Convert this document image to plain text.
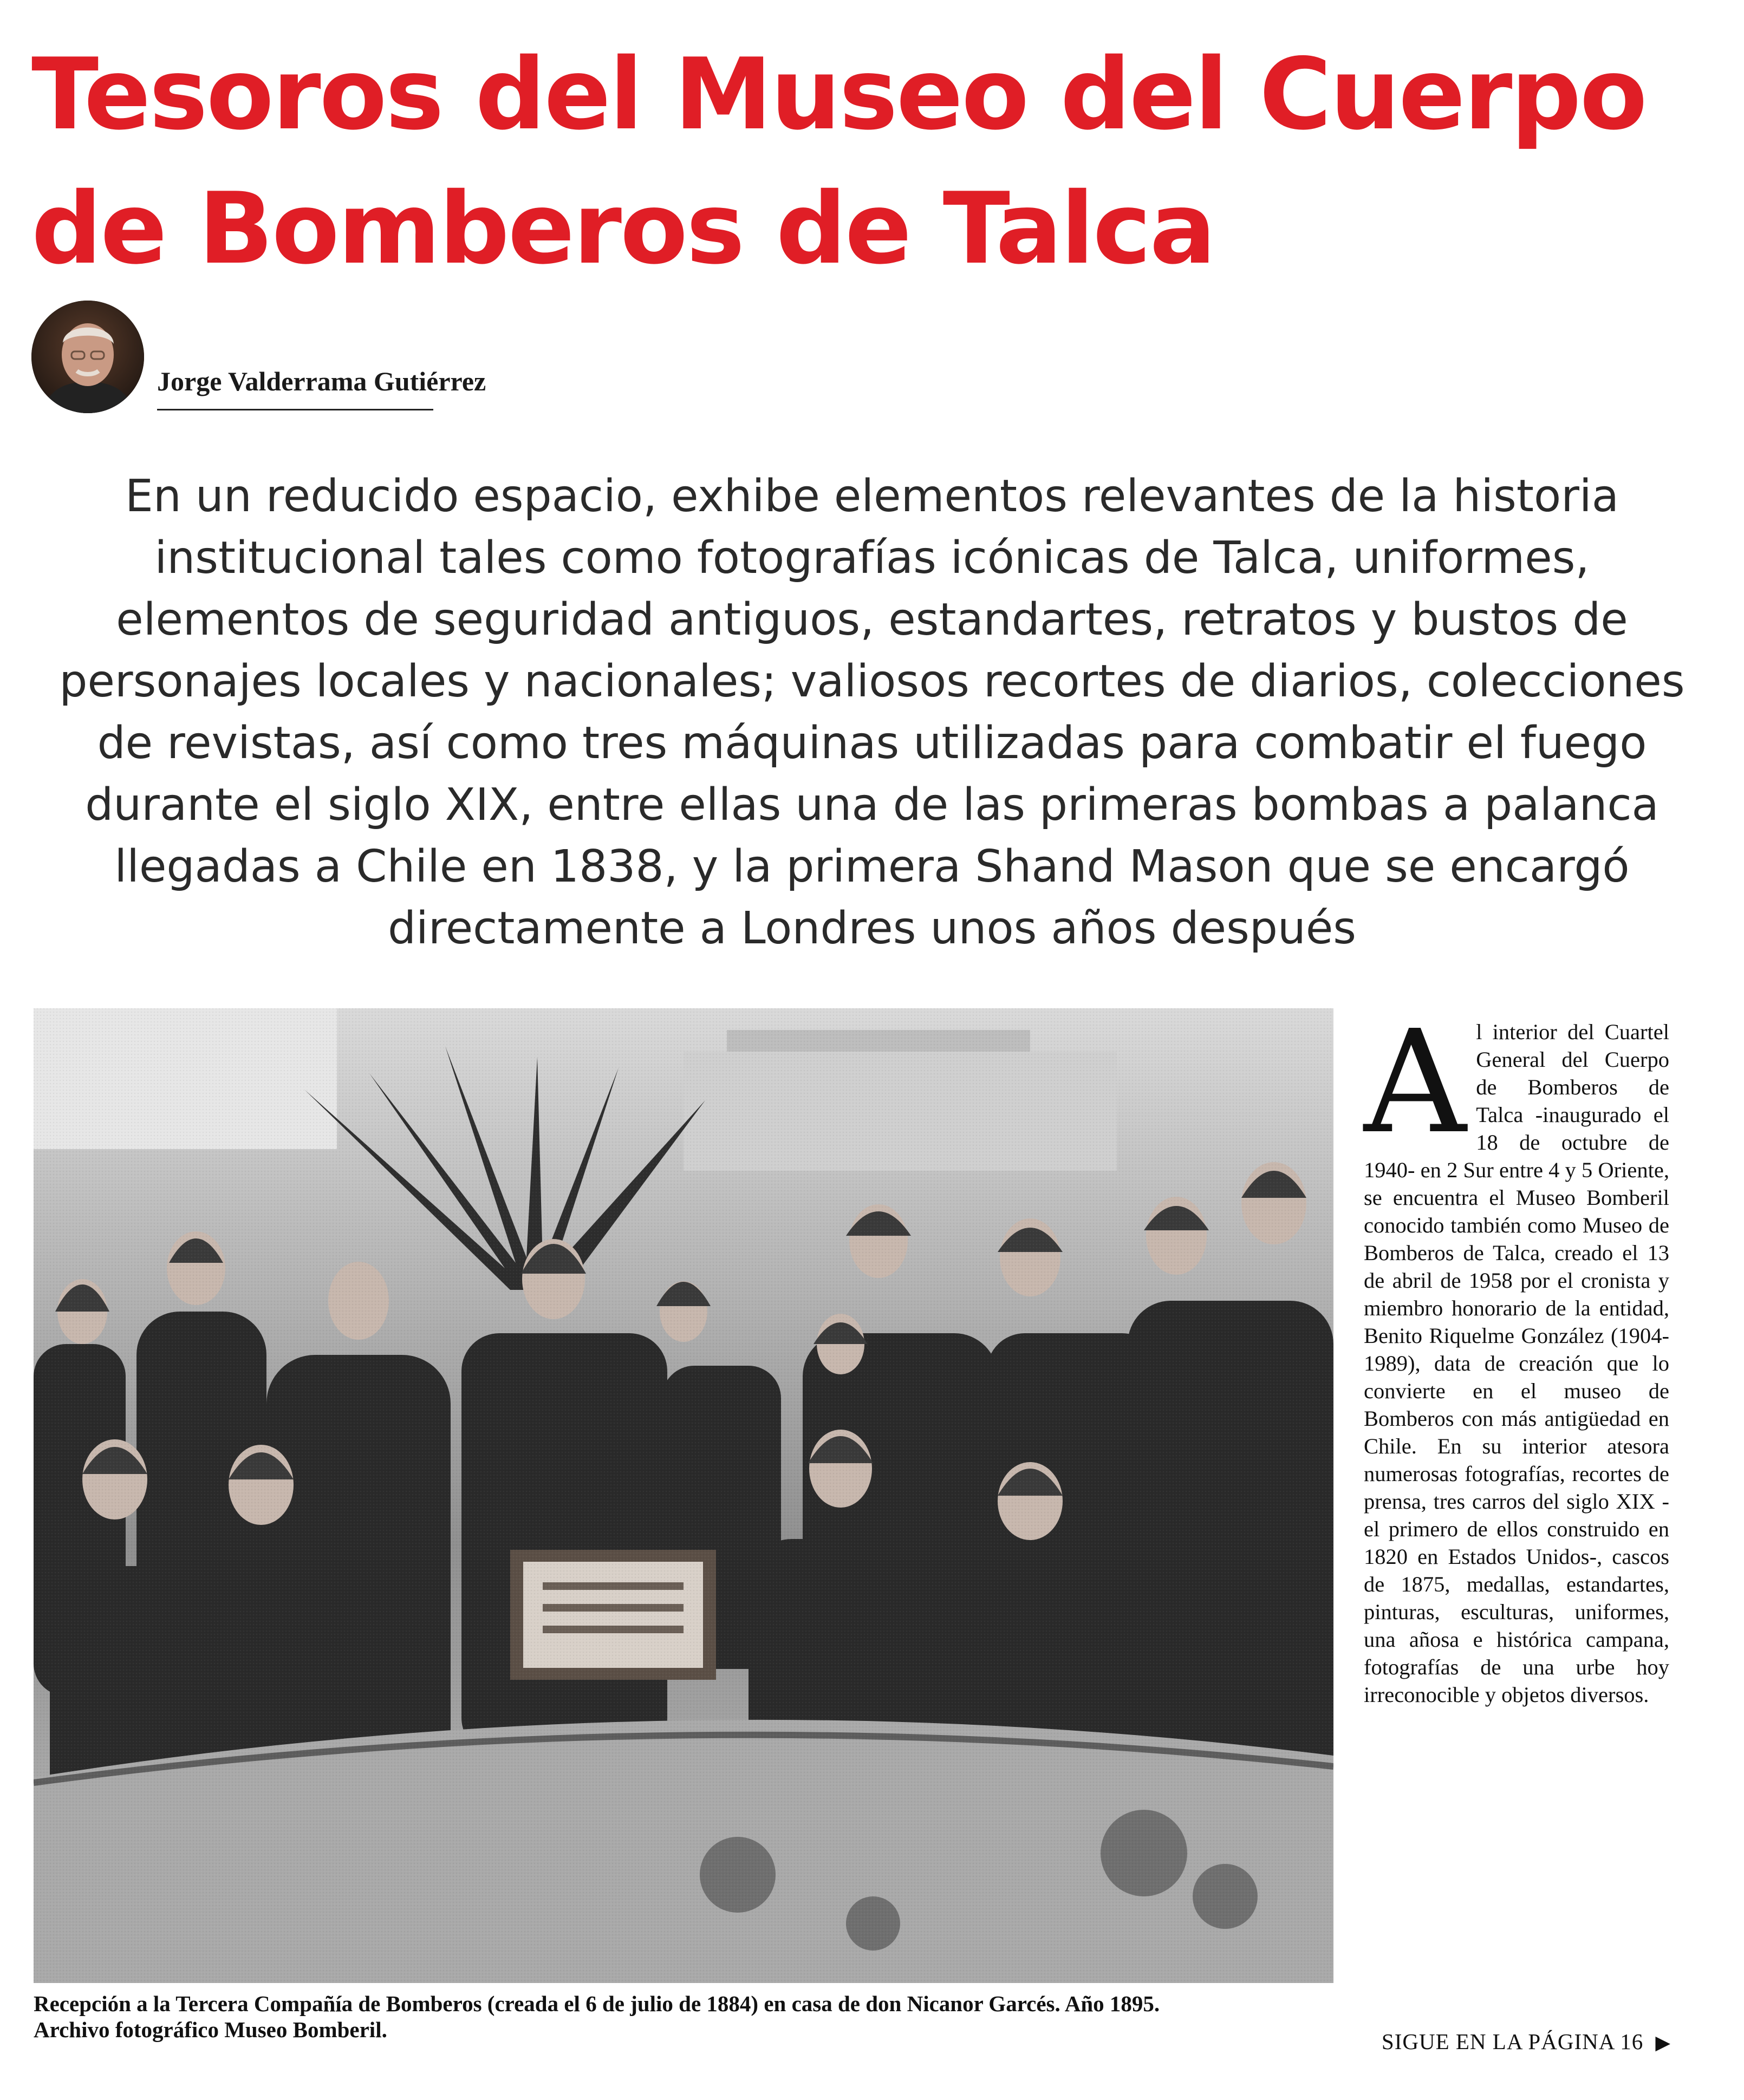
Tesoros del Museo del Cuerpo
de Bomberos de Talca
Jorge Valderrama Gutiérrez

En un reducido espacio, exhibe elementos relevantes de la historia institucional tales como fotografías icónicas de Talca, uniformes, elementos de seguridad antiguos, estandartes, retratos y bustos de personajes locales y nacionales; valiosos recortes de diarios, colecciones de revistas, así como tres máquinas utilizadas para combatir el fuego durante el siglo XIX, entre ellas una de las primeras bombas a palanca llegadas a Chile en 1838, y la primera Shand Mason que se encargó directamente a Londres unos años después

Al interior del Cuartel General del Cuerpo de Bomberos de Talca -inaugurado el 18 de octubre de 1940- en 2 Sur entre 4 y 5 Oriente, se encuentra el Museo Bomberil conocido también como Museo de Bomberos de Talca, creado el 13 de abril de 1958 por el cronista y miembro honorario de la entidad, Benito Riquelme González (1904-1989), data de creación que lo convierte en el museo de Bomberos con más antigüedad en Chile. En su interior atesora numerosas fotografías, recortes de prensa, tres carros del siglo XIX -el primero de ellos construido en 1820 en Estados Unidos-, cascos de 1875, medallas, estandartes, pinturas, esculturas, uniformes, una añosa e histórica campana, fotografías de una urbe hoy irreconocible y objetos diversos.

Recepción a la Tercera Compañía de Bomberos (creada el 6 de julio de 1884) en casa de don Nicanor Garcés. Año 1895.
Archivo fotográfico Museo Bomberil.	SIGUE EN LA PÁGINA 16 ▶
